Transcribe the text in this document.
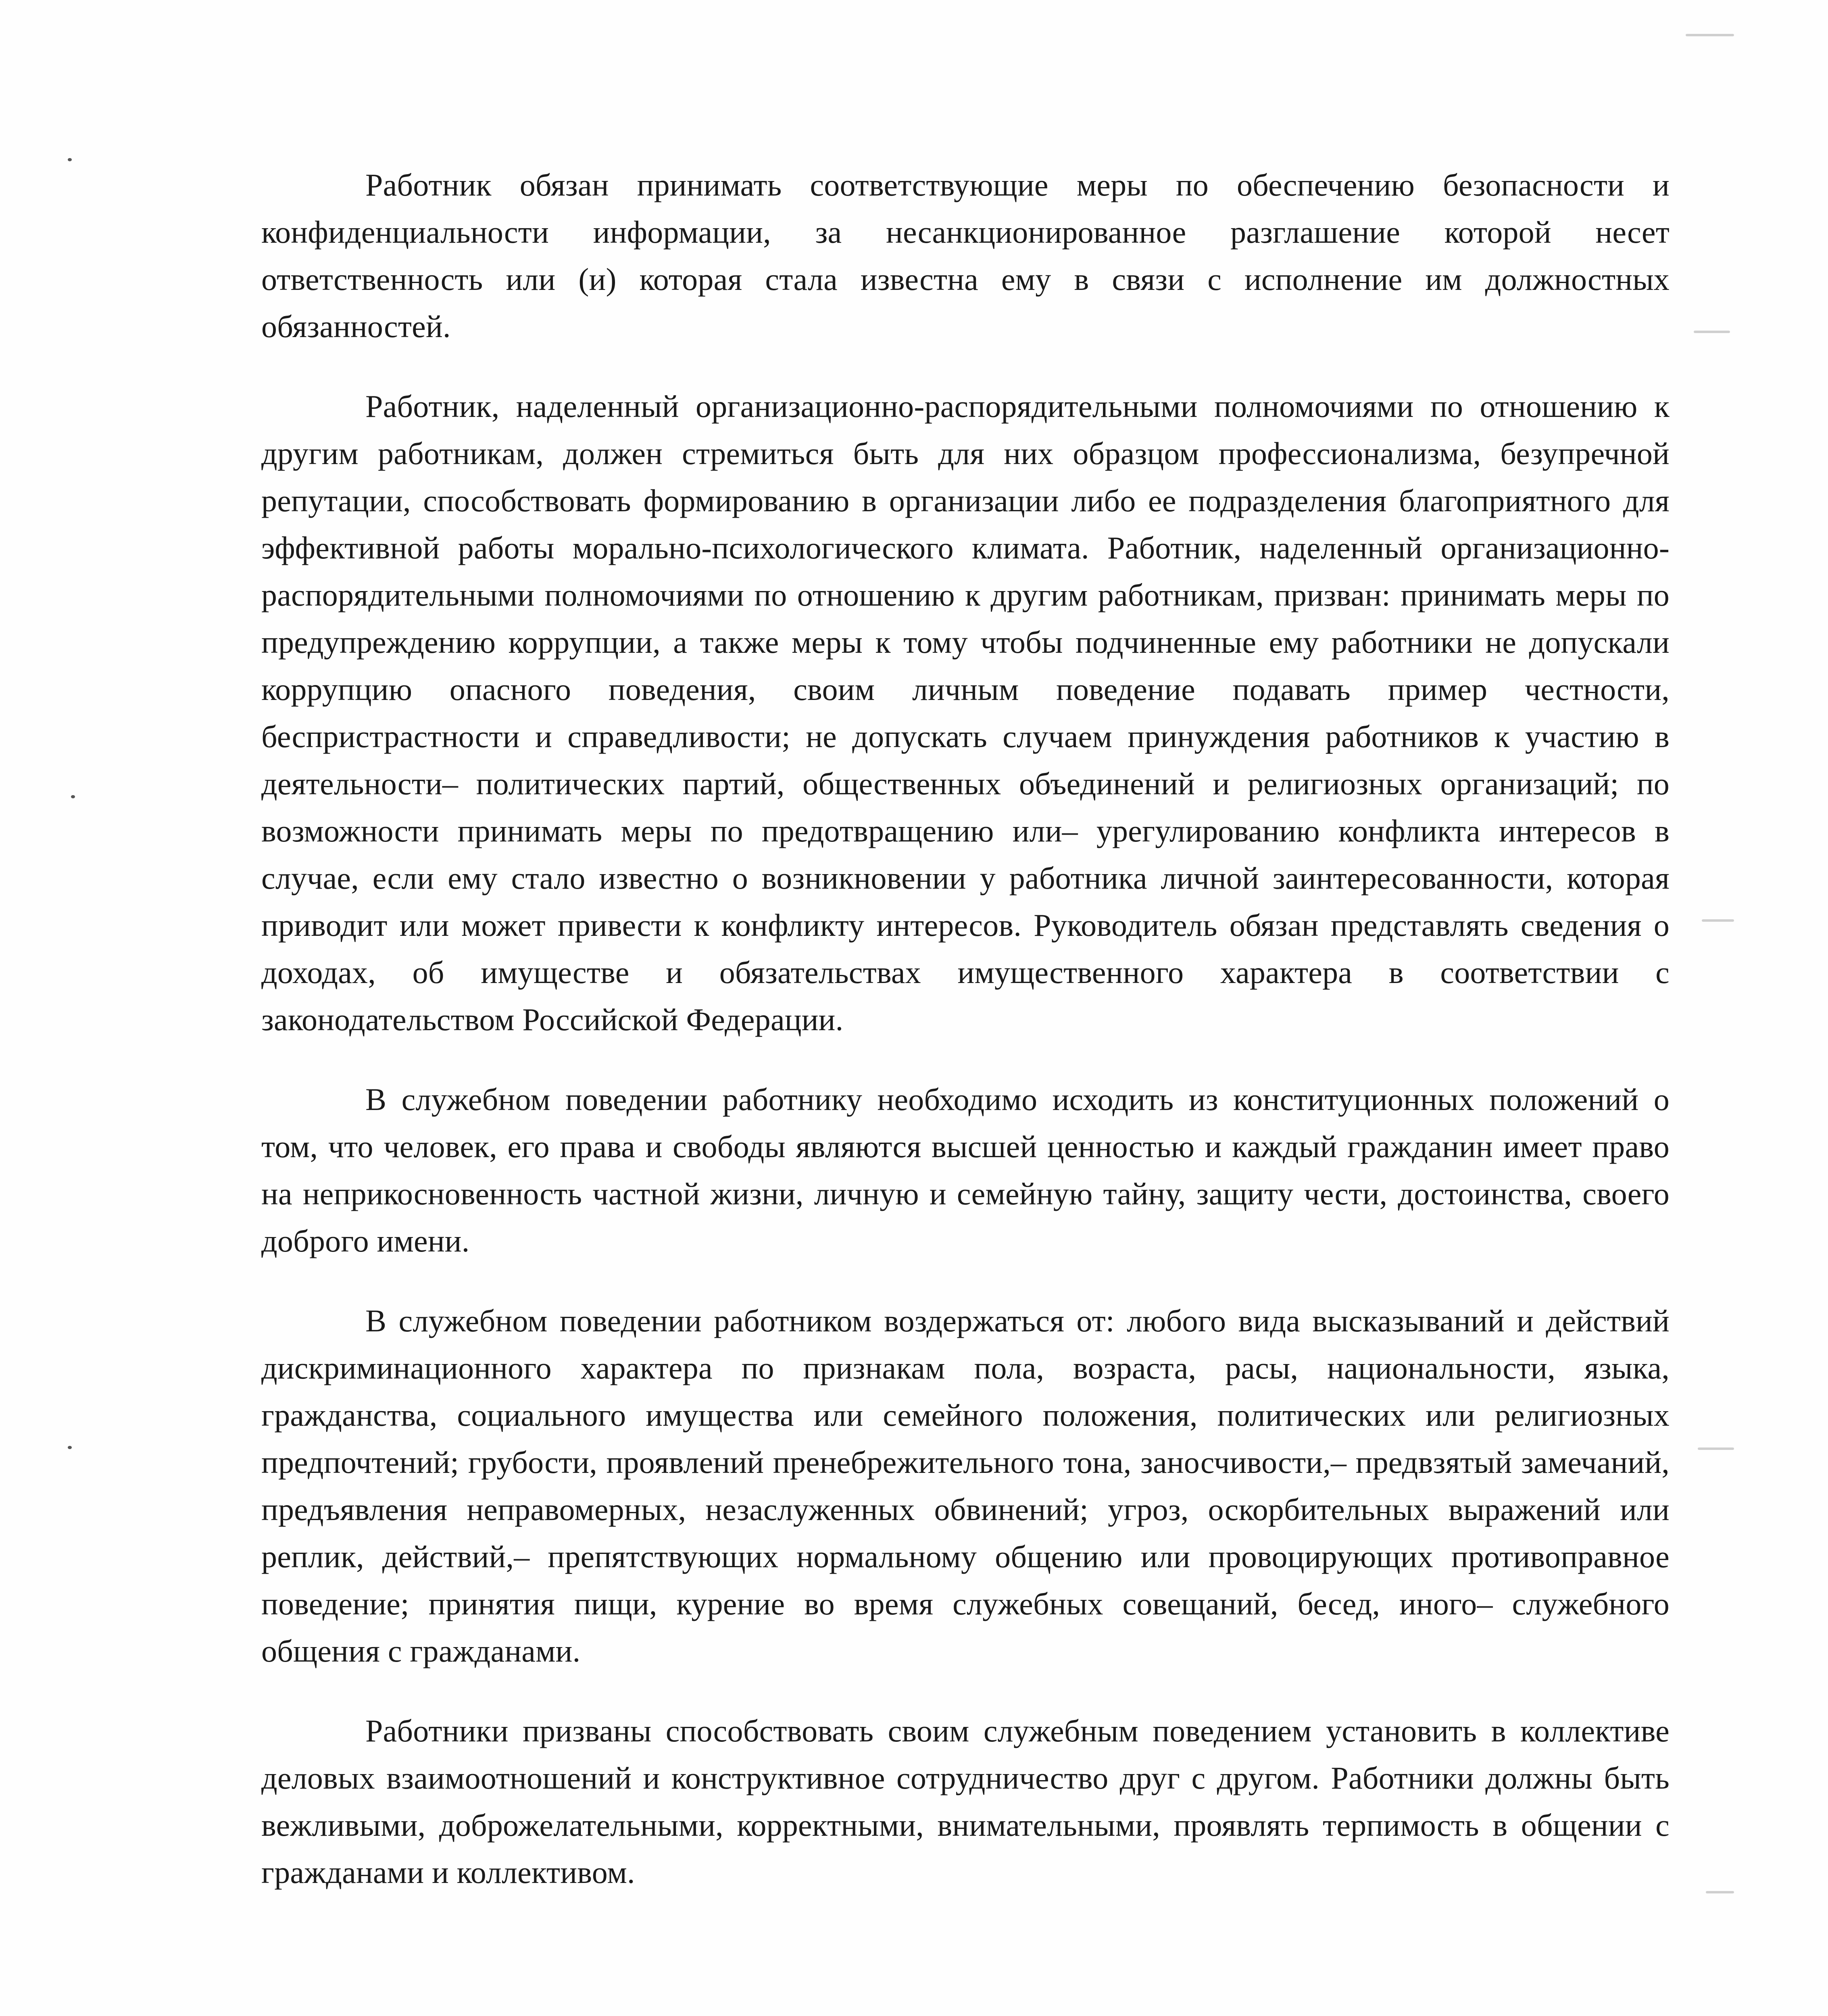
Работник обязан принимать соответствующие меры по обеспечению безопасности и конфиденциальности информации, за несанкционированное разглашение которой несет ответственность или (и) которая стала известна ему в связи с исполнение им должностных обязанностей.

Работник, наделенный организационно-распорядительными полномочиями по отношению к другим работникам, должен стремиться быть для них образцом профессионализма, безупречной репутации, способствовать формированию в организации либо ее подразделения благоприятного для эффективной работы морально-психологического климата. Работник, наделенный организационно-распорядительными полномочиями по отношению к другим работникам, призван: принимать меры по предупреждению коррупции, а также меры к тому чтобы подчиненные ему работники не допускали коррупцию опасного поведения, своим личным поведение подавать пример честности, беспристрастности и справедливости; не допускать случаем принуждения работников к участию в деятельности– политических партий, общественных объединений и религиозных организаций; по возможности принимать меры по предотвращению или– урегулированию конфликта интересов в случае, если ему стало известно о возникновении у работника личной заинтересованности, которая приводит или может привести к конфликту интересов. Руководитель обязан представлять сведения о доходах, об имуществе и обязательствах имущественного характера в соответствии с законодательством Российской Федерации.

В служебном поведении работнику необходимо исходить из конституционных положений о том, что человек, его права и свободы являются высшей ценностью и каждый гражданин имеет право на неприкосновенность частной жизни, личную и семейную тайну, защиту чести, достоинства, своего доброго имени.

В служебном поведении работником воздержаться от: любого вида высказываний и действий дискриминационного характера по признакам пола, возраста, расы, национальности, языка, гражданства, социального имущества или семейного положения, политических или религиозных предпочтений; грубости, проявлений пренебрежительного тона, заносчивости,– предвзятый замечаний, предъявления неправомерных, незаслуженных обвинений; угроз, оскорбительных выражений или реплик, действий,– препятствующих нормальному общению или провоцирующих противоправное поведение; принятия пищи, курение во время служебных совещаний, бесед, иного– служебного общения с гражданами.

Работники призваны способствовать своим служебным поведением установить в коллективе деловых взаимоотношений и конструктивное сотрудничество друг с другом. Работники должны быть вежливыми, доброжелательными, корректными, внимательными, проявлять терпимость в общении с гражданами и коллективом.
